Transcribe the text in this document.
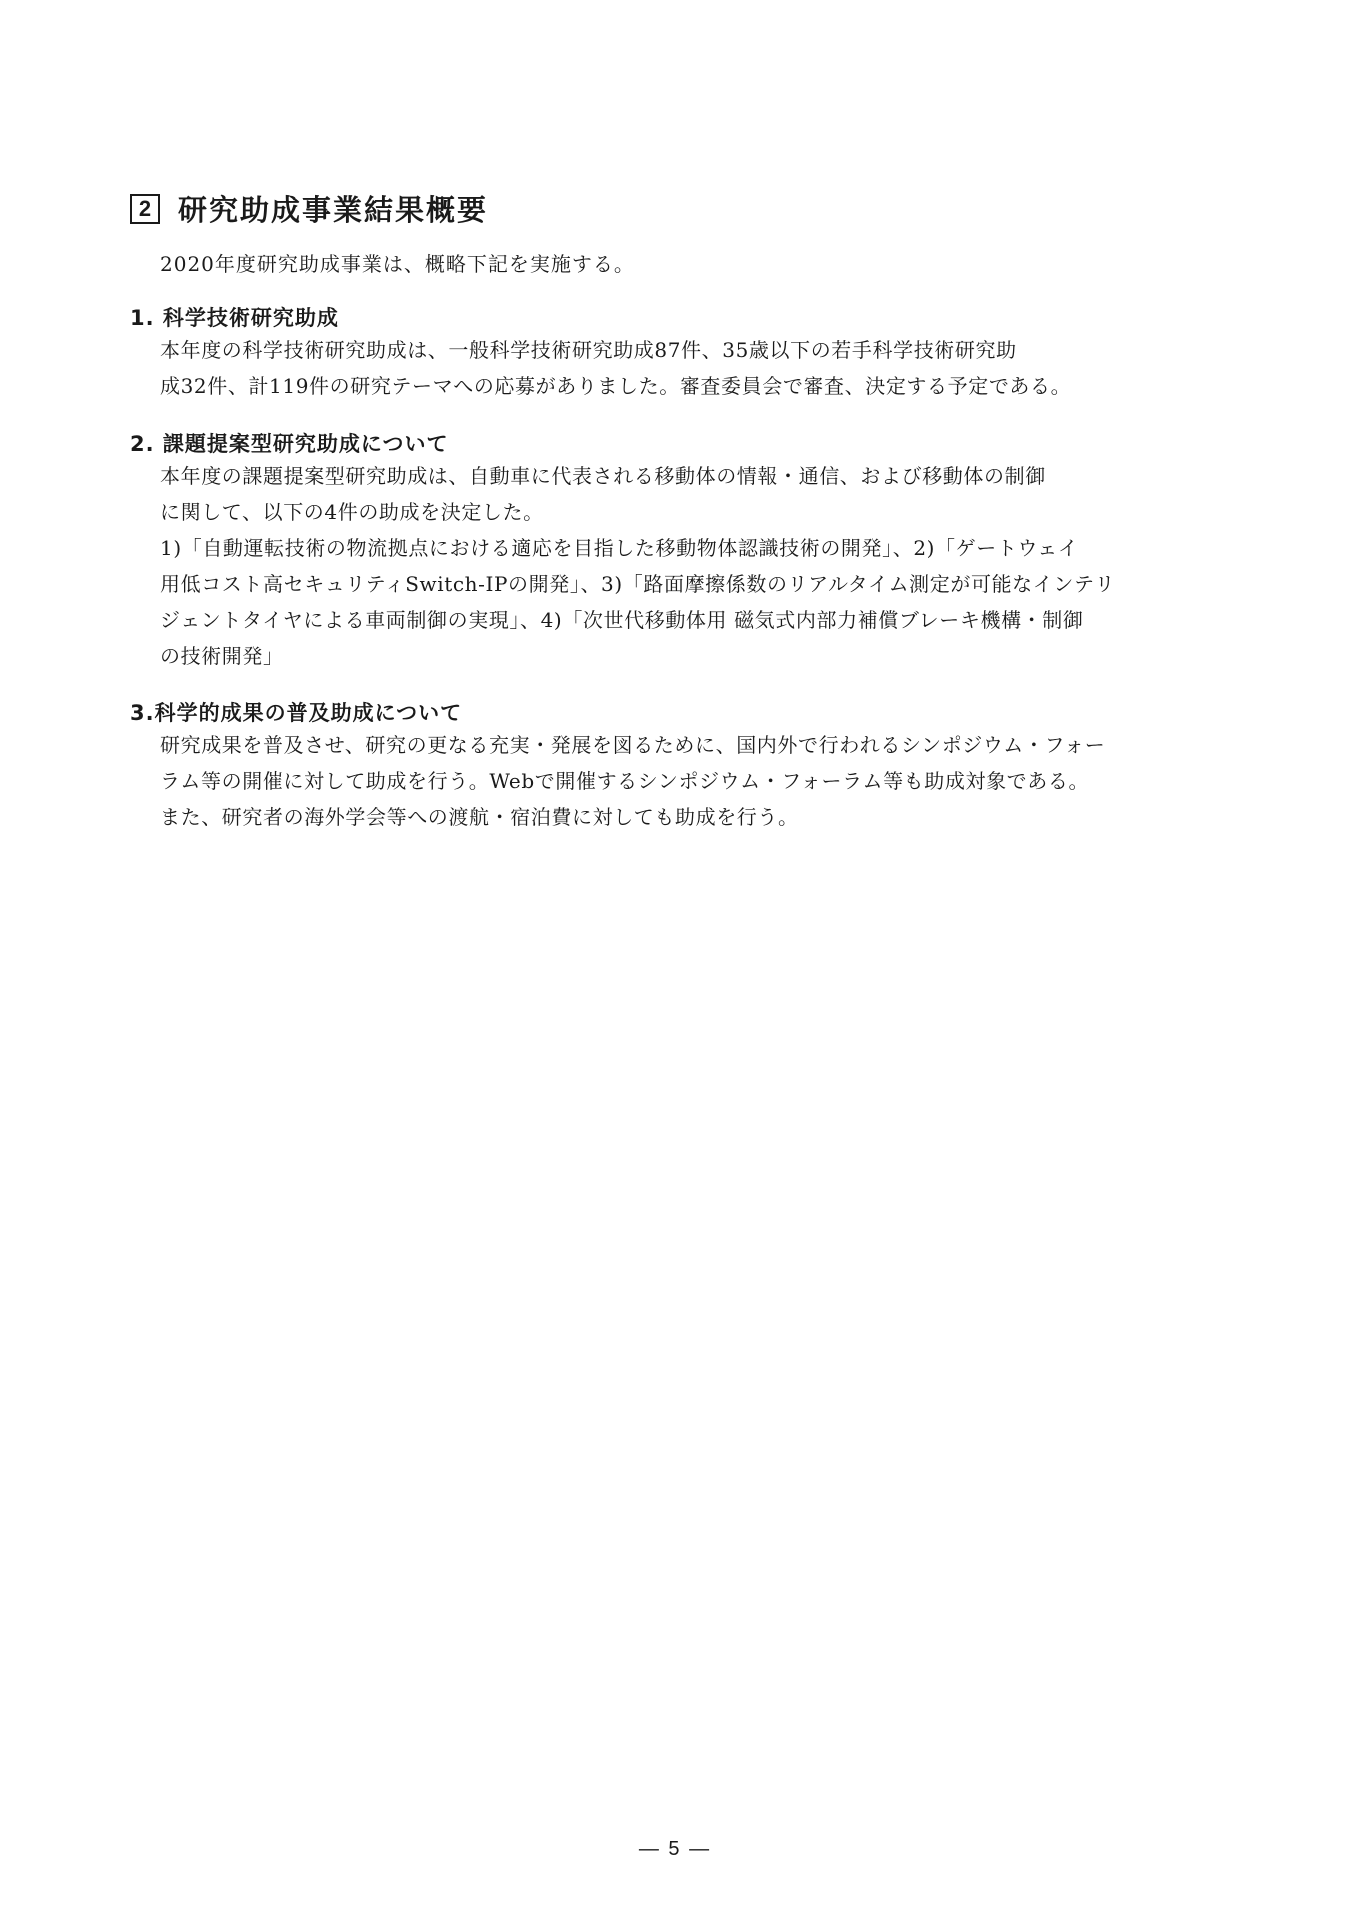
2 研究助成事業結果概要
2020年度研究助成事業は、概略下記を実施する。
1. 科学技術研究助成
本年度の科学技術研究助成は、一般科学技術研究助成87件、35歳以下の若手科学技術研究助
成32件、計119件の研究テーマへの応募がありました。審査委員会で審査、決定する予定である。
2. 課題提案型研究助成について
本年度の課題提案型研究助成は、自動車に代表される移動体の情報・通信、および移動体の制御
に関して、以下の4件の助成を決定した。
1)「自動運転技術の物流拠点における適応を目指した移動物体認識技術の開発」、2)「ゲートウェイ
用低コスト高セキュリティSwitch-IPの開発」、3)「路面摩擦係数のリアルタイム測定が可能なインテリ
ジェントタイヤによる車両制御の実現」、4)「次世代移動体用 磁気式内部力補償ブレーキ機構・制御
の技術開発」
3.科学的成果の普及助成について
研究成果を普及させ、研究の更なる充実・発展を図るために、国内外で行われるシンポジウム・フォー
ラム等の開催に対して助成を行う。Webで開催するシンポジウム・フォーラム等も助成対象である。
また、研究者の海外学会等への渡航・宿泊費に対しても助成を行う。
— 5 —
